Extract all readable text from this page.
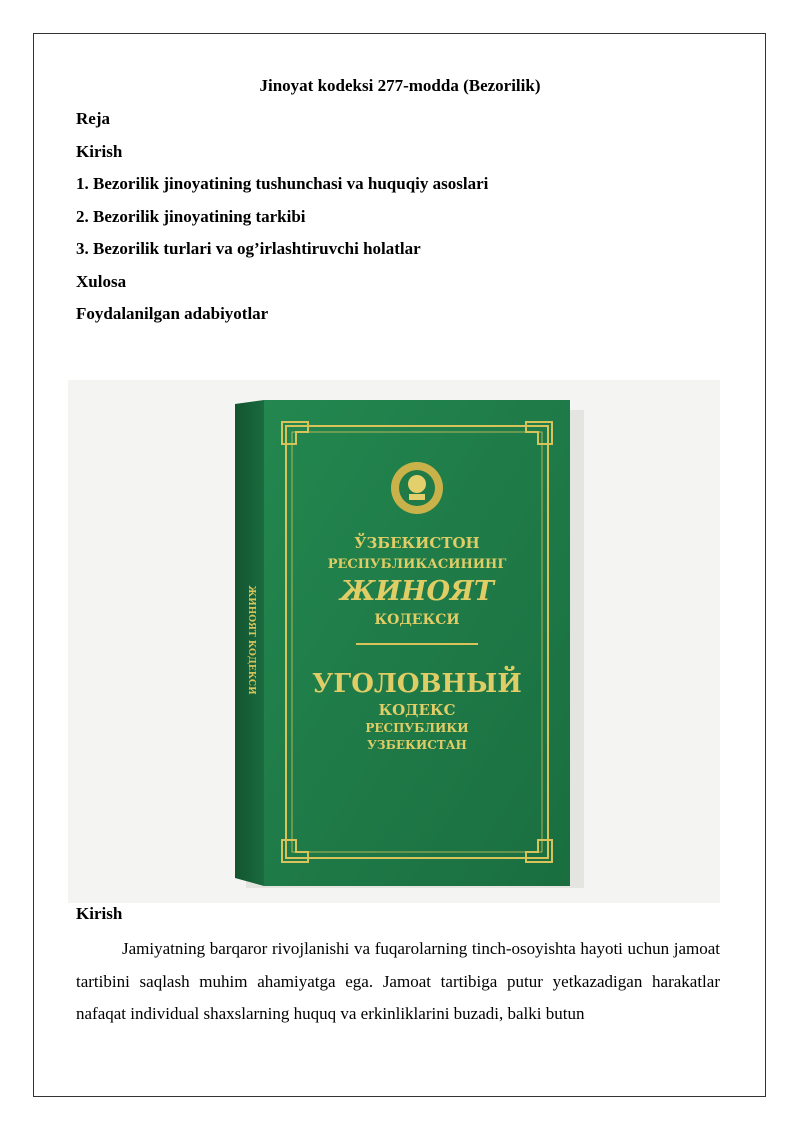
Jinoyat kodeksi 277-modda (Bezorilik)
Reja
Kirish
1. Bezorilik jinoyatining tushunchasi va huquqiy asoslari
2. Bezorilik jinoyatining tarkibi
3. Bezorilik turlari va og’irlashtiruvchi holatlar
Xulosa
Foydalanilgan adabiyotlar
ЖИНОЯТ КОДЕКСИ
ЎЗБЕКИСТОН
РЕСПУБЛИКАСИНИНГ
ЖИНОЯТ
КОДЕКСИ
УГОЛОВНЫЙ
КОДЕКС
РЕСПУБЛИКИ
УЗБЕКИСТАН
Kirish

Jamiyatning barqaror rivojlanishi va fuqarolarning tinch-osoyishta hayoti uchun jamoat tartibini saqlash muhim ahamiyatga ega. Jamoat tartibiga putur yetkazadigan harakatlar nafaqat individual shaxslarning huquq va erkinliklarini buzadi, balki butun
